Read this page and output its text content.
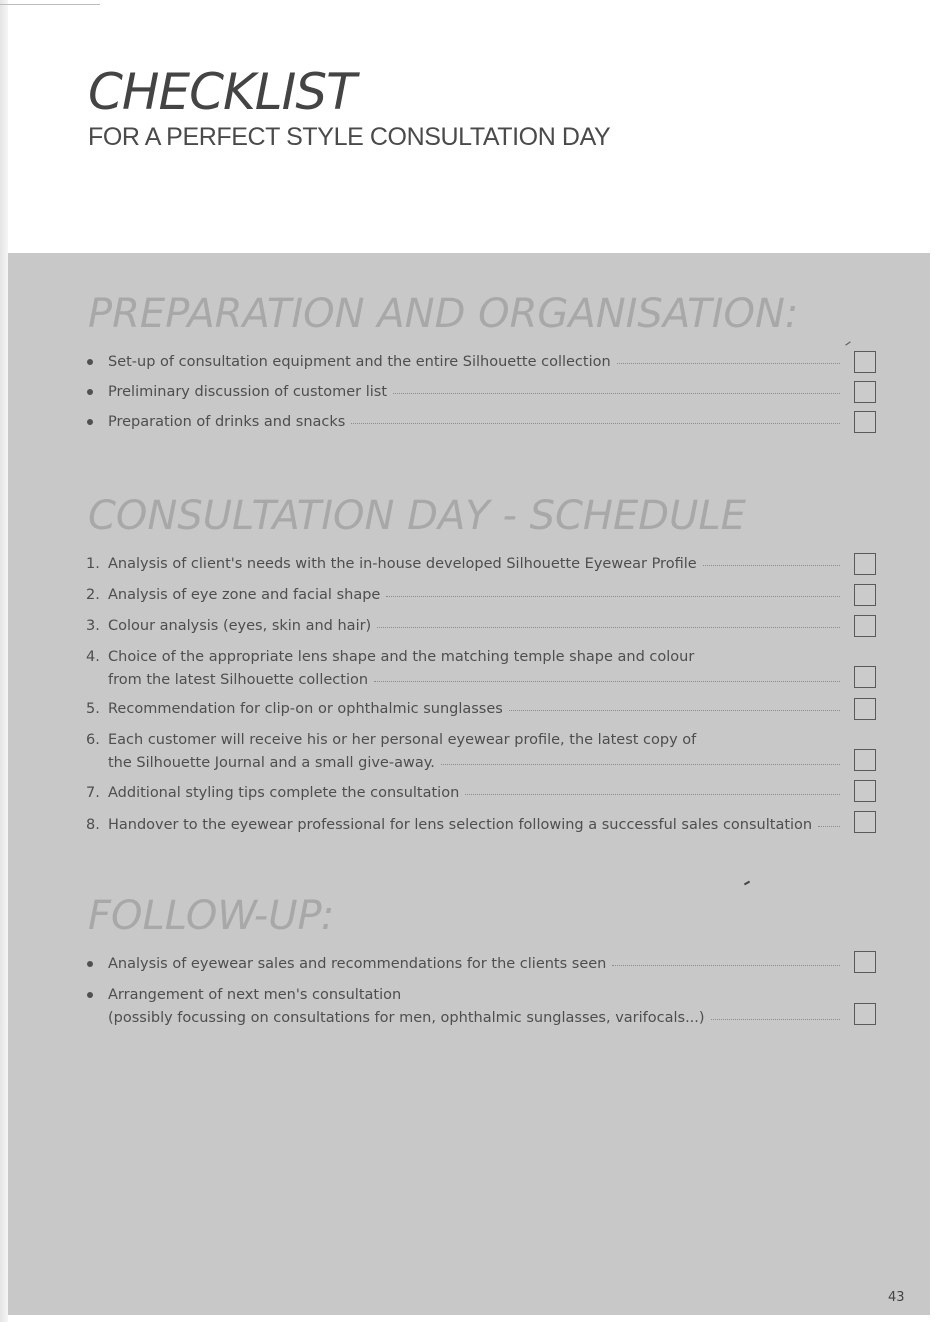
CHECKLIST
FOR A PERFECT STYLE CONSULTATION DAY
PREPARATION AND ORGANISATION:
Set-up of consultation equipment and the entire Silhouette collection
Preliminary discussion of customer list
Preparation of drinks and snacks
CONSULTATION DAY - SCHEDULE
1. Analysis of client's needs with the in-house developed Silhouette Eyewear Profile
2. Analysis of eye zone and facial shape
3. Colour analysis (eyes, skin and hair)
4. Choice of the appropriate lens shape and the matching temple shape and colour
from the latest Silhouette collection
5. Recommendation for clip-on or ophthalmic sunglasses
6. Each customer will receive his or her personal eyewear profile, the latest copy of
the Silhouette Journal and a small give-away.
7. Additional styling tips complete the consultation
8. Handover to the eyewear professional for lens selection following a successful sales consultation
FOLLOW-UP:
Analysis of eyewear sales and recommendations for the clients seen
Arrangement of next men's consultation
(possibly focussing on consultations for men, ophthalmic sunglasses, varifocals...)
43
